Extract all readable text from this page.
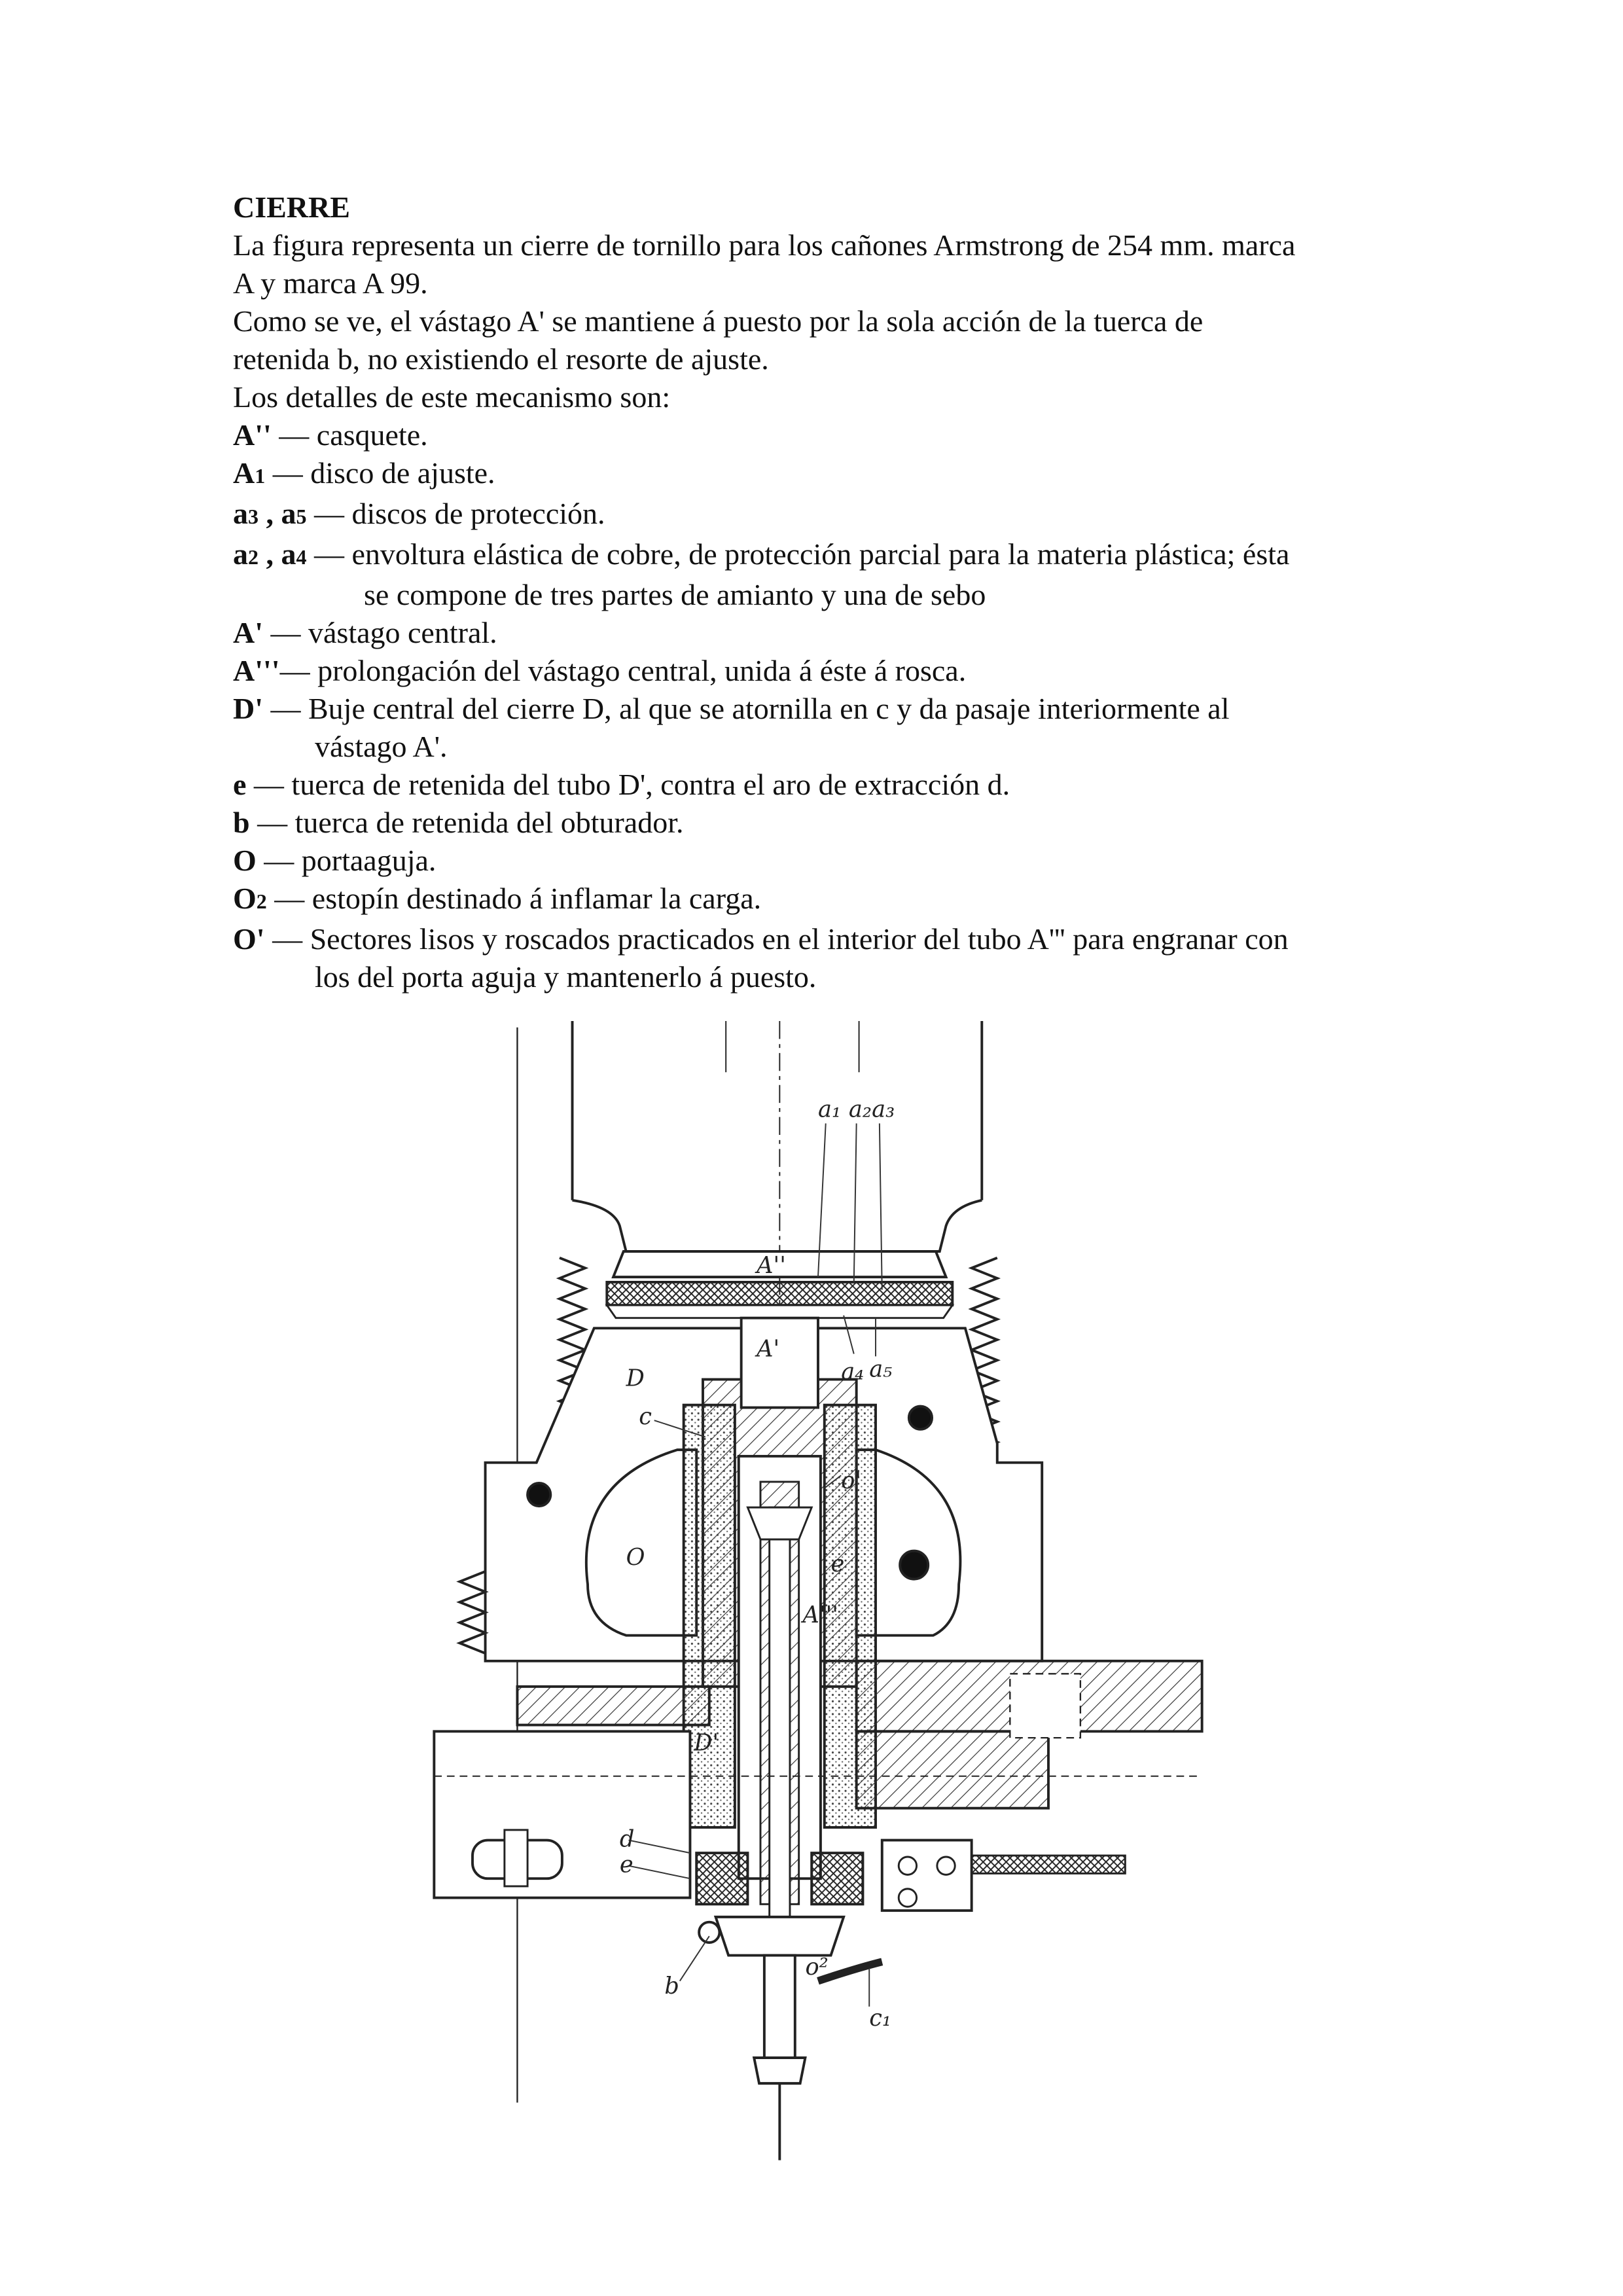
CIERRE

La figura representa un cierre de tornillo para los cañones Armstrong de 254 mm. marca

A y marca A 99.

Como se ve, el vástago A' se mantiene á puesto por la sola acción de la tuerca de

retenida b, no existiendo el resorte de ajuste.

Los detalles de este mecanismo son:

A'' — casquete.

A1 — disco de ajuste.

a3 , a5 — discos de protección.

a2 , a4 — envoltura elástica de cobre, de protección parcial para la materia plástica; ésta

se compone de tres partes de amianto y una de sebo

A' — vástago central.

A'''— prolongación del vástago central, unida á éste á rosca.

D' — Buje central del cierre D, al que se atornilla en c y da pasaje interiormente al

vástago A'.

e — tuerca de retenida del tubo D', contra el aro de extracción d.

b — tuerca de retenida del obturador.

O — portaaguja.

O2 — estopín destinado á inflamar la carga.

O' — Sectores lisos y roscados practicados en el interior del tubo A''' para engranar con

los del porta aguja y mantenerlo á puesto.

a₁ a₂ a₃
A''
A'
a₄ a₅
D
c
o'
O	e
A'''
D'
d
e
b
o²
c₁
